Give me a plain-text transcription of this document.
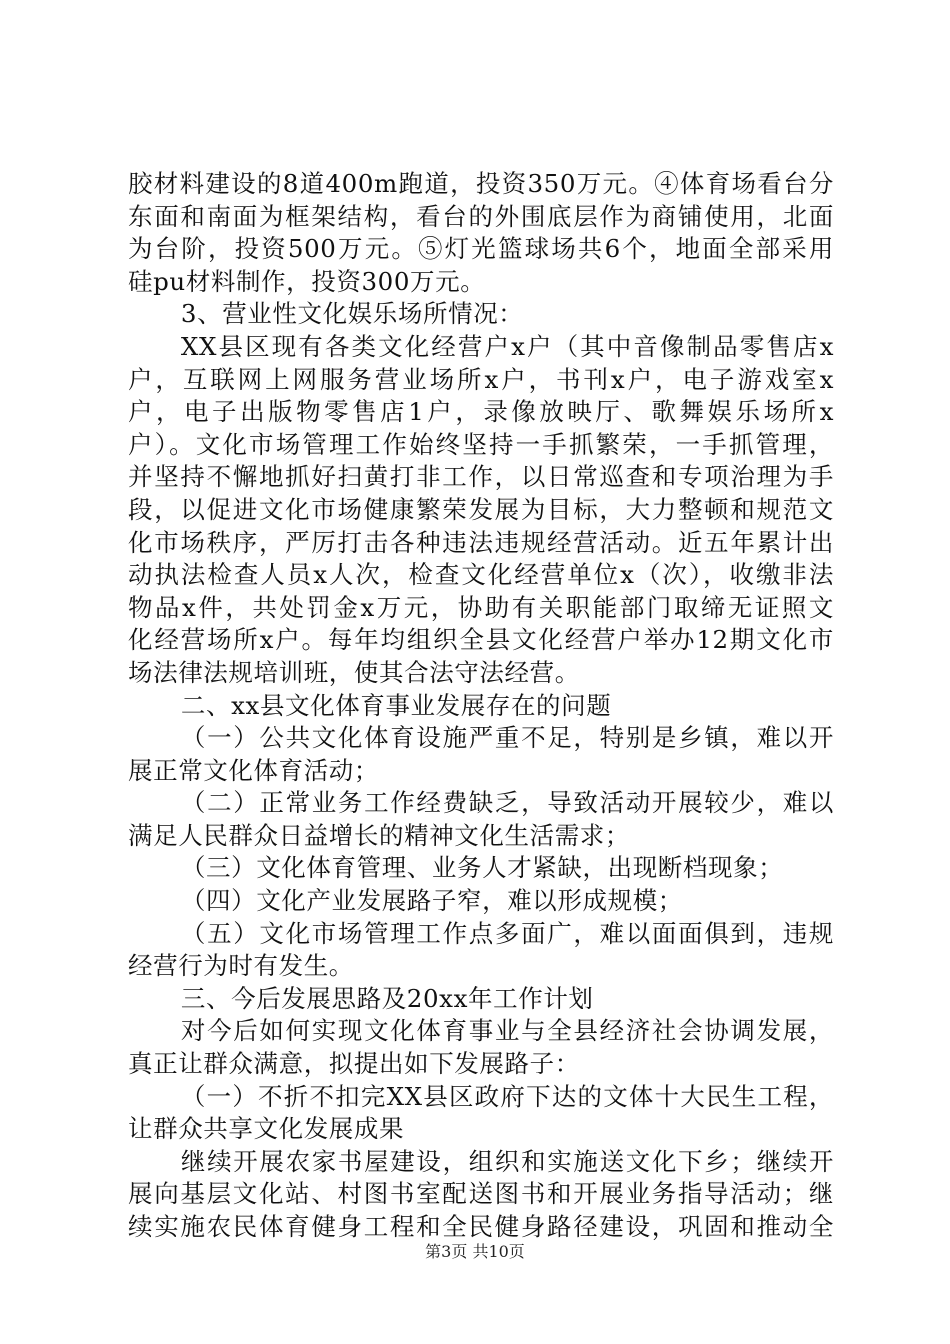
胶材料建设的8道400m跑道，投资350万元。④体育场看台分
东面和南面为框架结构，看台的外围底层作为商铺使用，北面
为台阶，投资500万元。⑤灯光篮球场共6个，地面全部采用
硅pu材料制作，投资300万元。
3、营业性文化娱乐场所情况：
XX县区现有各类文化经营户x户（其中音像制品零售店x
户，互联网上网服务营业场所x户，书刊x户，电子游戏室x
户，电子出版物零售店1户，录像放映厅、歌舞娱乐场所x
户）。文化市场管理工作始终坚持一手抓繁荣，一手抓管理，
并坚持不懈地抓好扫黄打非工作，以日常巡查和专项治理为手
段，以促进文化市场健康繁荣发展为目标，大力整顿和规范文
化市场秩序，严厉打击各种违法违规经营活动。近五年累计出
动执法检查人员x人次，检查文化经营单位x（次），收缴非法
物品x件，共处罚金x万元，协助有关职能部门取缔无证照文
化经营场所x户。每年均组织全县文化经营户举办12期文化市
场法律法规培训班，使其合法守法经营。
二、xx县文化体育事业发展存在的问题
（一）公共文化体育设施严重不足，特别是乡镇，难以开
展正常文化体育活动；
（二）正常业务工作经费缺乏，导致活动开展较少，难以
满足人民群众日益增长的精神文化生活需求；
（三）文化体育管理、业务人才紧缺，出现断档现象；
（四）文化产业发展路子窄，难以形成规模；
（五）文化市场管理工作点多面广，难以面面俱到，违规
经营行为时有发生。
三、今后发展思路及20xx年工作计划
对今后如何实现文化体育事业与全县经济社会协调发展，
真正让群众满意，拟提出如下发展路子：
（一）不折不扣完XX县区政府下达的文体十大民生工程，
让群众共享文化发展成果
继续开展农家书屋建设，组织和实施送文化下乡；继续开
展向基层文化站、村图书室配送图书和开展业务指导活动；继
续实施农民体育健身工程和全民健身路径建设，巩固和推动全
第3页 共10页
